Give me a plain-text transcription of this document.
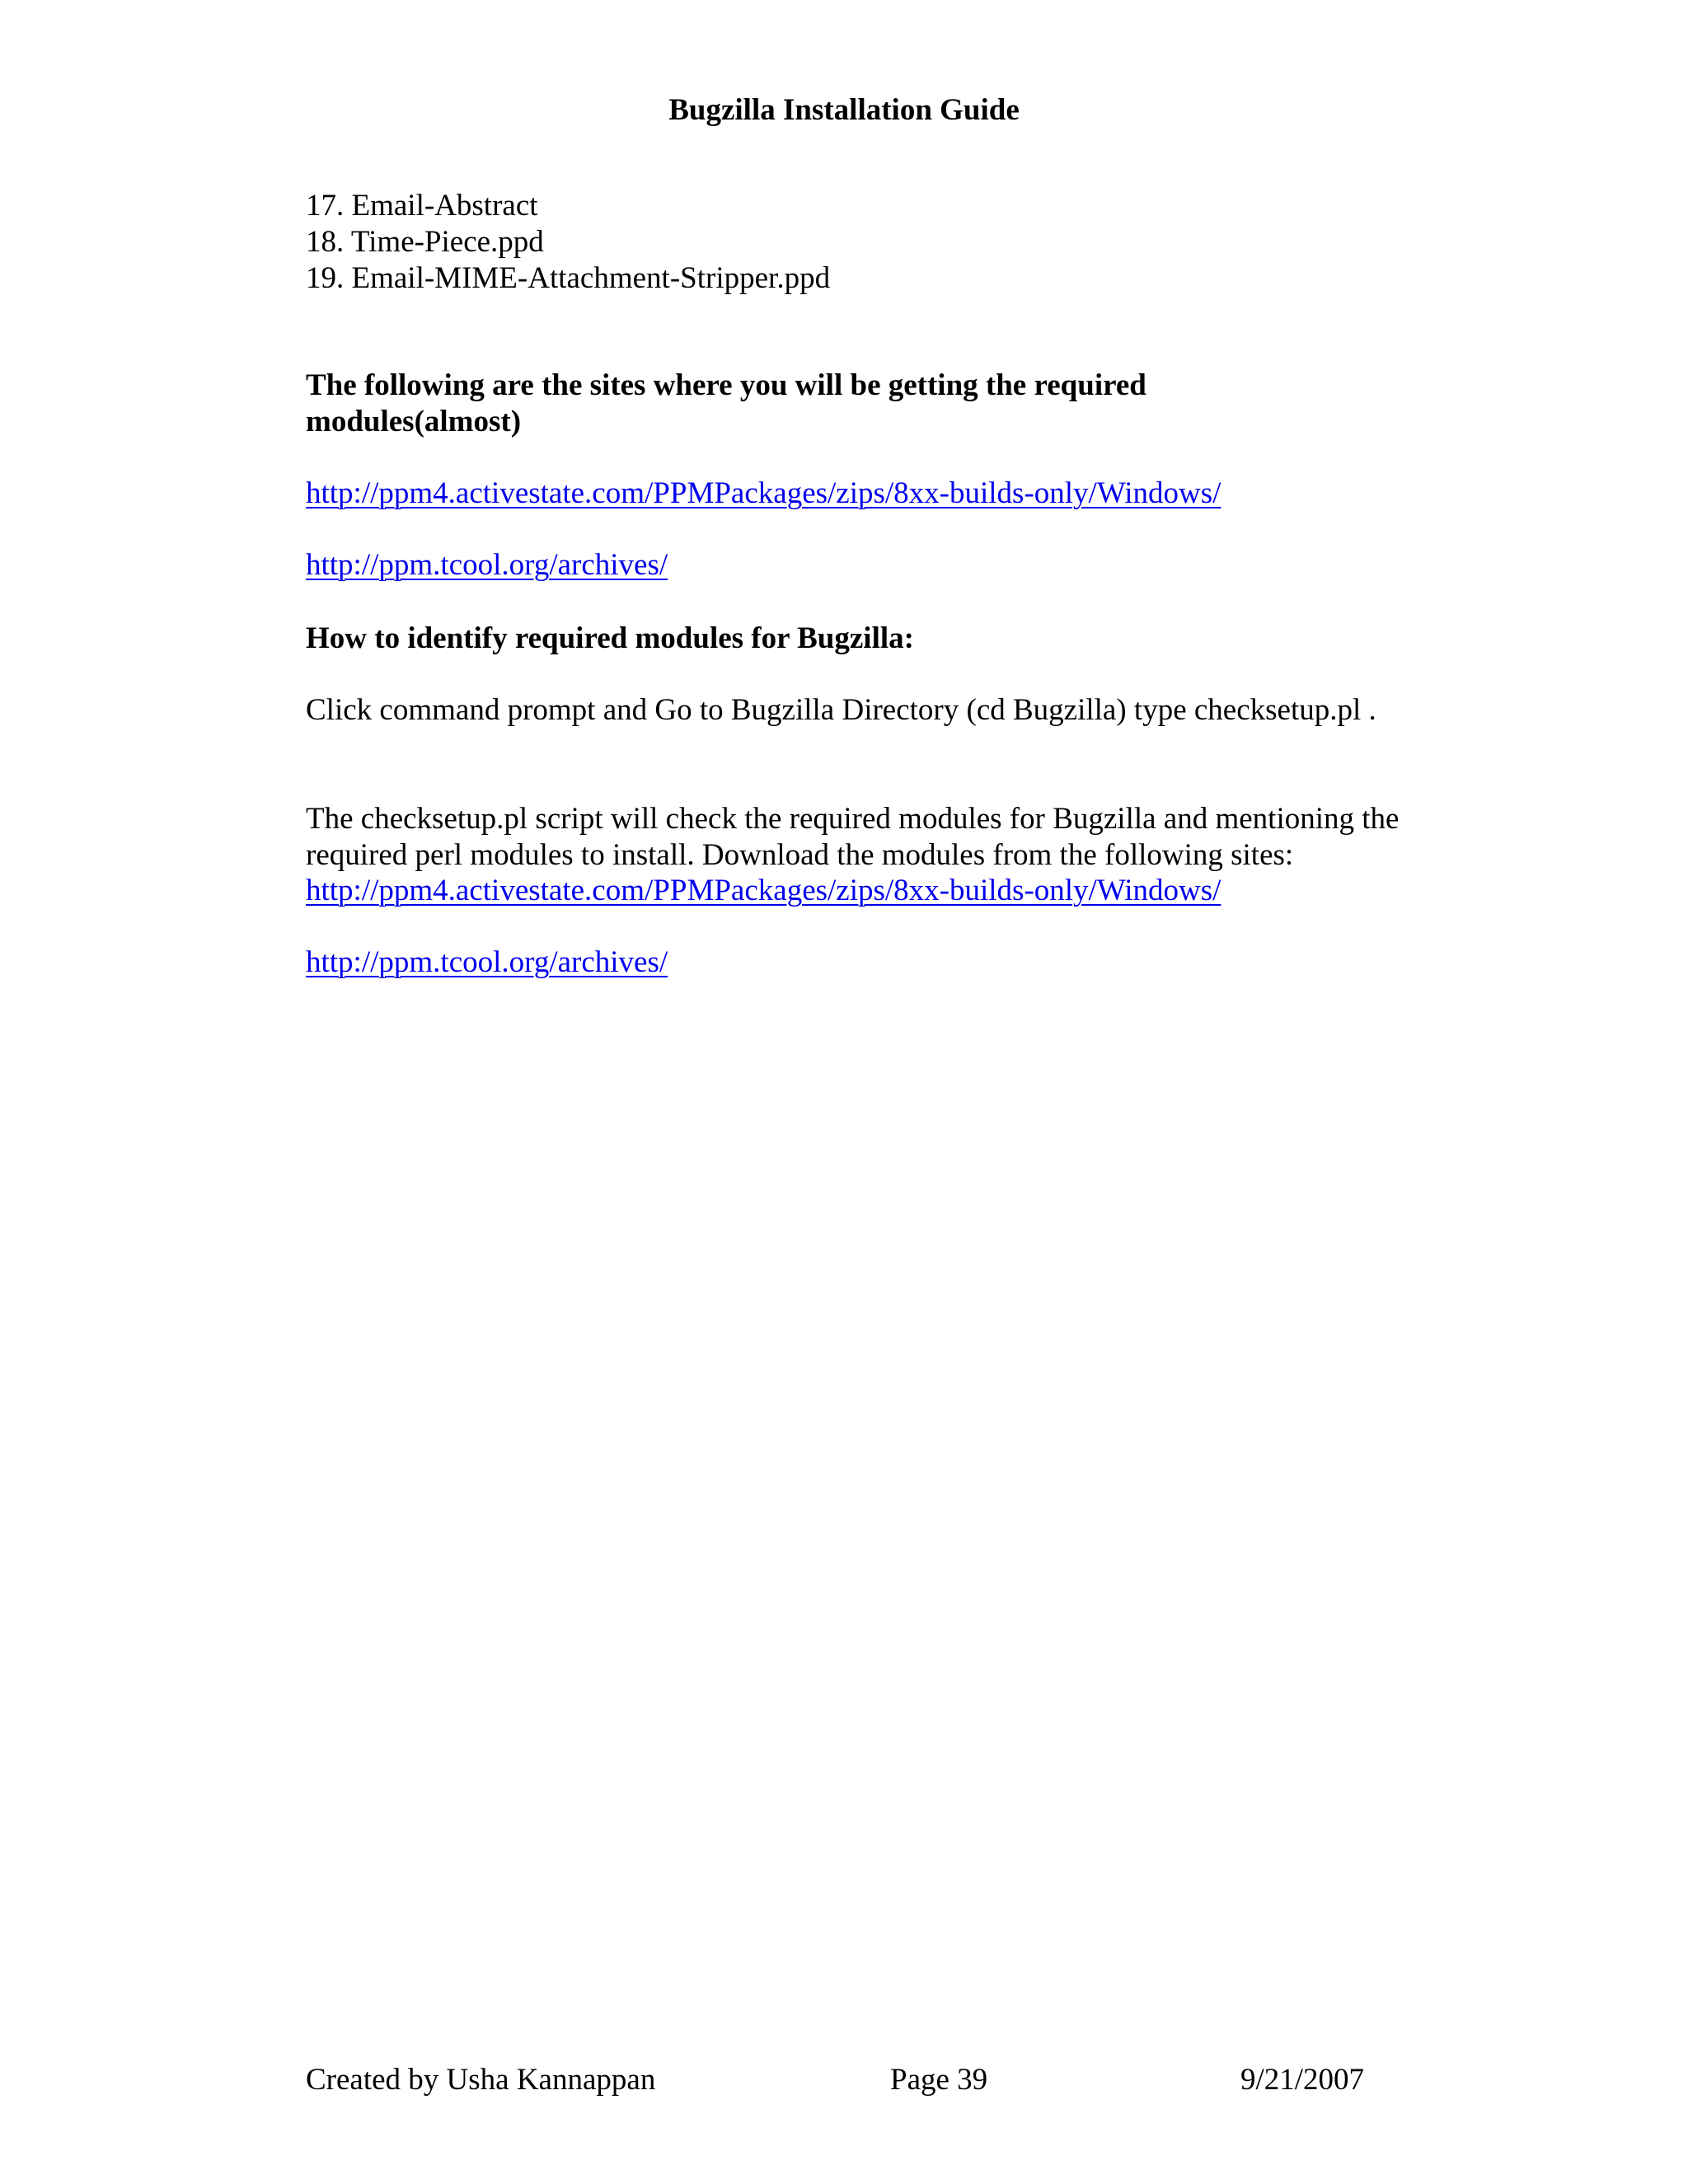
Bugzilla Installation Guide
17. Email-Abstract
18. Time-Piece.ppd
19. Email-MIME-Attachment-Stripper.ppd
The following are the sites where you will be getting the required modules(almost)
http://ppm4.activestate.com/PPMPackages/zips/8xx-builds-only/Windows/
http://ppm.tcool.org/archives/
How to identify required modules for Bugzilla:
Click command prompt and Go to Bugzilla Directory (cd Bugzilla) type checksetup.pl .
The checksetup.pl script will check the required modules for Bugzilla and mentioning the required perl modules to install. Download the modules from the following sites:
http://ppm4.activestate.com/PPMPackages/zips/8xx-builds-only/Windows/
http://ppm.tcool.org/archives/
Created by Usha Kannappan	Page 39	9/21/2007
